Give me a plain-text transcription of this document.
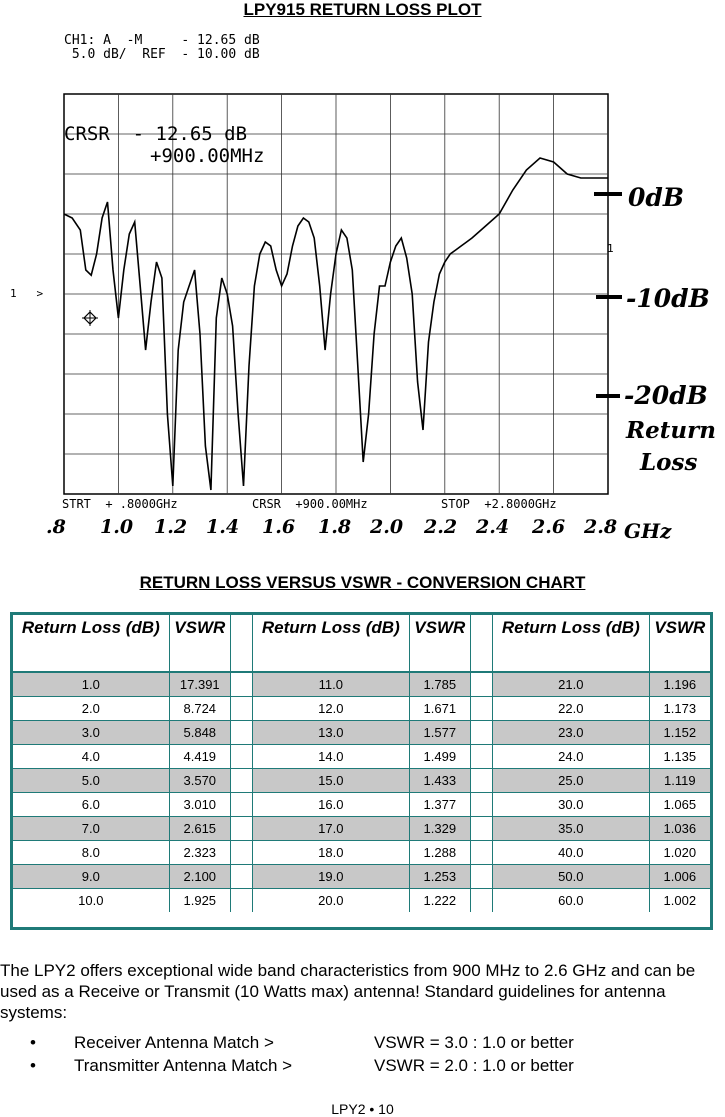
LPY915 RETURN LOSS PLOT
CH1: A  -M     - 12.65 dB
5.0 dB/  REF  - 10.00 dB
CRSR  - 12.65 dB
+900.00MHz
1   >
1
STRT  + .8000GHz	CRSR  +900.00MHz	STOP  +2.8000GHz
0dB
-10dB
-20dB
Return
Loss
.8 1.0 1.2 1.4 1.6 1.8 2.0 2.2 2.4 2.6 2.8 GHz
RETURN LOSS VERSUS VSWR - CONVERSION CHART
Return Loss (dB)	VSWR		Return Loss (dB)	VSWR		Return Loss (dB)	VSWR
1.0	17.391		11.0	1.785		21.0	1.196
2.0	8.724		12.0	1.671		22.0	1.173
3.0	5.848		13.0	1.577		23.0	1.152
4.0	4.419		14.0	1.499		24.0	1.135
5.0	3.570		15.0	1.433		25.0	1.119
6.0	3.010		16.0	1.377		30.0	1.065
7.0	2.615		17.0	1.329		35.0	1.036
8.0	2.323		18.0	1.288		40.0	1.020
9.0	2.100		19.0	1.253		50.0	1.006
10.0	1.925		20.0	1.222		60.0	1.002
The LPY2 offers exceptional wide band characteristics from 900 MHz to 2.6 GHz and can be used as a Receive or Transmit (10 Watts max) antenna! Standard guidelines for antenna systems:
• Receiver Antenna Match >	VSWR = 3.0 : 1.0 or better
• Transmitter Antenna Match >	VSWR = 2.0 : 1.0 or better
LPY2 • 10
